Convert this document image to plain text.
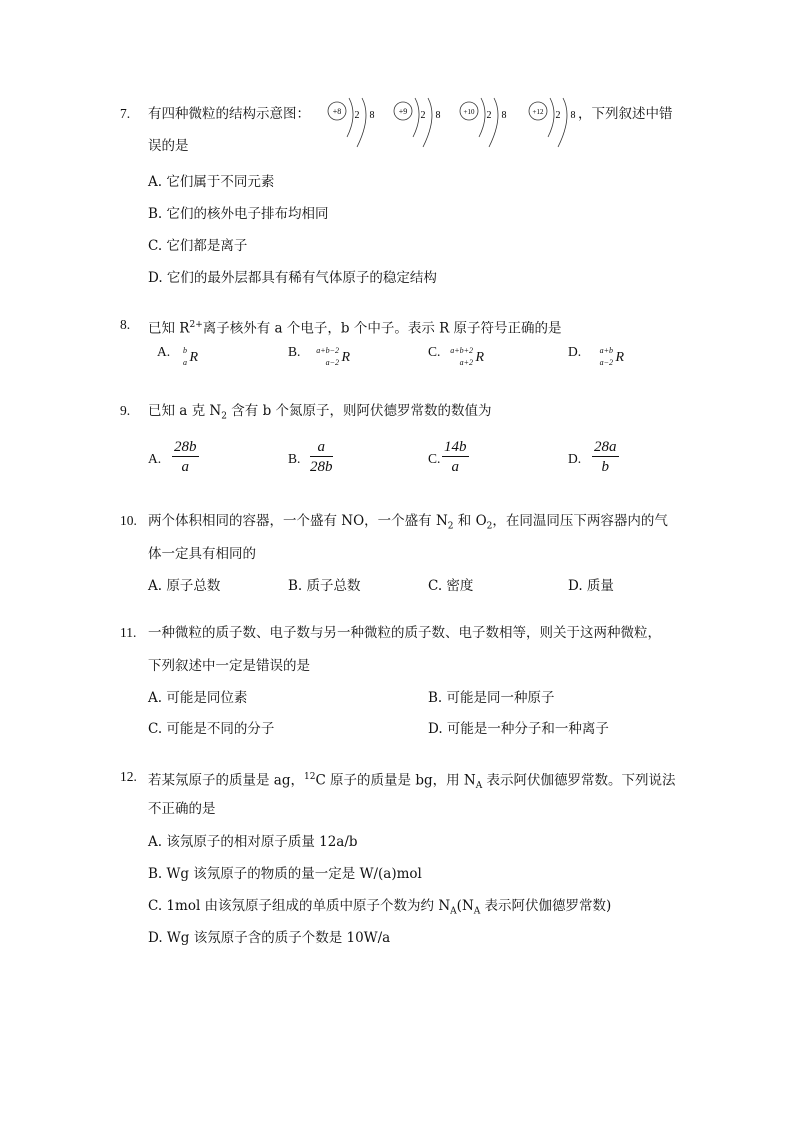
7. 有四种微粒的结构示意图：	+8 2 8	+9 2 8	+10 2 8	+12 2 8 ，下列叙述中错
误的是
A. 它们属于不同元素
B. 它们的核外电子排布均相同
C. 它们都是离子
D. 它们的最外层都具有稀有气体原子的稳定结构
8. 已知 $R^{2+}$离子核外有 a 个电子，b 个中子。表示 R 原子符号正确的是
A. b
a R	B. a+b−2
a−2 R	C. a+b+2
a+2 R	D. a+b
a−2 R
9. 已知 a 克 $N_2$ 含有 b 个氮原子，则阿伏德罗常数的数值为
A. $\frac{28b}{a}$	B. $\frac{a}{28b}$	C. $\frac{14b}{a}$	D. $\frac{28a}{b}$
10. 两个体积相同的容器，一个盛有 NO，一个盛有 $N_2$ 和 $O_2$，在同温同压下两容器内的气
体一定具有相同的
A. 原子总数	B. 质子总数	C. 密度	D. 质量
11. 一种微粒的质子数、电子数与另一种微粒的质子数、电子数相等，则关于这两种微粒，
下列叙述中一定是错误的是
A. 可能是同位素	B. 可能是同一种原子
C. 可能是不同的分子	D. 可能是一种分子和一种离子
12. 若某氖原子的质量是 ag，$^{12}$C 原子的质量是 bg，用 $N_A$ 表示阿伏伽德罗常数。下列说法
不正确的是
A. 该氖原子的相对原子质量 12a/b
B. Wg 该氖原子的物质的量一定是 W/(a)mol
C. 1mol 由该氖原子组成的单质中原子个数为约 $N_A(N_A$ 表示阿伏伽德罗常数)
D. Wg 该氖原子含的质子个数是 10W/a
